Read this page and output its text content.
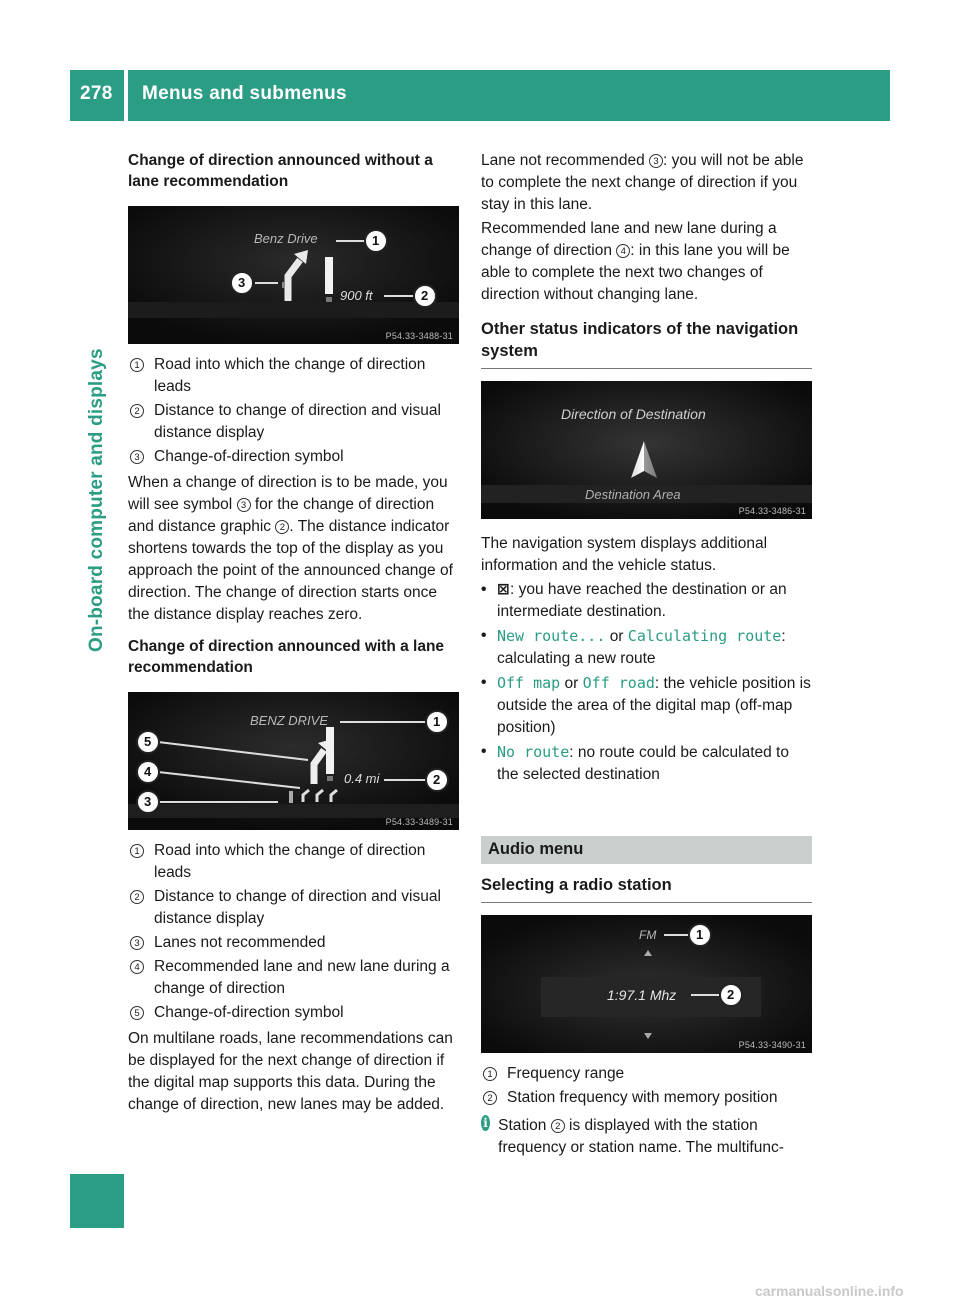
278 Menus and submenus
On-board computer and displays
Change of direction announced without a lane recommendation
Benz Drive
900 ft
1
3
2
P54.33-3488-31
1 Road into which the change of direction leads
2 Distance to change of direction and visual distance display
3 Change-of-direction symbol

When a change of direction is to be made, you will see symbol 3 for the change of direction and distance graphic 2 . The distance indicator shortens towards the top of the display as you approach the point of the announced change of direction. The change of direction starts once the distance display reaches zero.

Change of direction announced with a lane recommendation
BENZ DRIVE
0.4 mi
1
2
5
4
3
P54.33-3489-31
1 Road into which the change of direction leads
2 Distance to change of direction and visual distance display
3 Lanes not recommended
4 Recommended lane and new lane during a change of direction
5 Change-of-direction symbol

On multilane roads, lane recommendations can be displayed for the next change of direction if the digital map supports this data. During the change of direction, new lanes may be added.

Lane not recommended 3 : you will not be able to complete the next change of direction if you stay in this lane.

Recommended lane and new lane during a change of direction 4 : in this lane you will be able to complete the next two changes of direction without changing lane.

Other status indicators of the navigation system
Direction of Destination
Destination Area
P54.33-3486-31

The navigation system displays additional information and the vehicle status.

• ⊠: you have reached the destination or an intermediate destination.
• New route... or Calculating route: calculating a new route
• Off map or Off road: the vehicle position is outside the area of the digital map (off-map position)
• No route: no route could be calculated to the selected destination
Audio menu
Selecting a radio station
FM
1:97.1 Mhz
1
2
P54.33-3490-31
1 Frequency range
2 Station frequency with memory position
i Station 2 is displayed with the station frequency or station name. The multifunc-
carmanualsonline.info
